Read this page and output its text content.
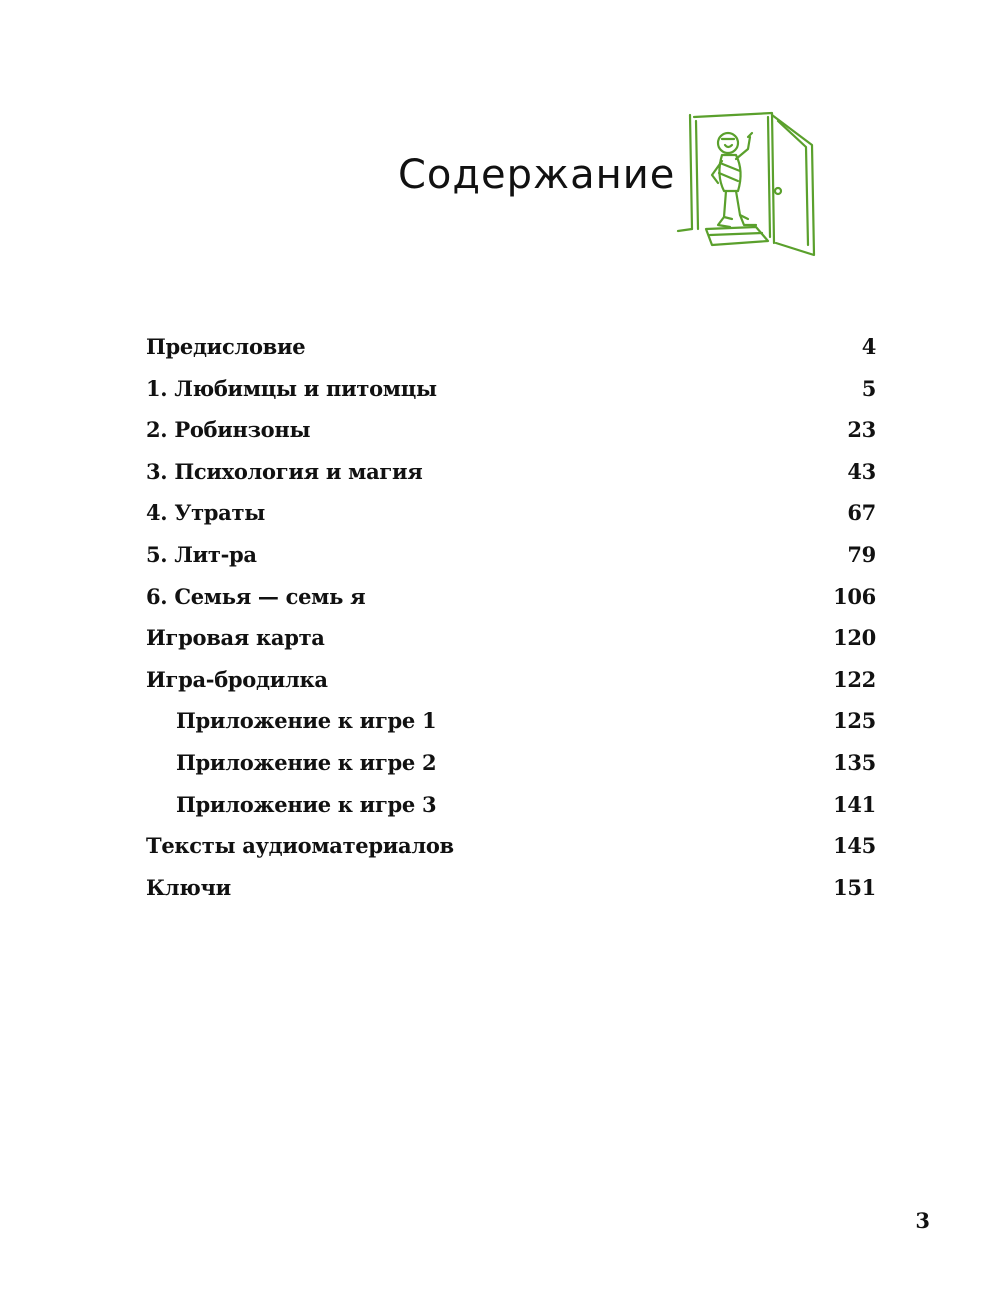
Содержание
Предисловие	4
1. Любимцы и питомцы	5
2. Робинзоны	23
3. Психология и магия	43
4. Утраты	67
5. Лит-ра	79
6. Семья — семь я	106
Игровая карта	120
Игра-бродилка	122
Приложение к игре 1	125
Приложение к игре 2	135
Приложение к игре 3	141
Тексты аудиоматериалов	145
Ключи	151
3
